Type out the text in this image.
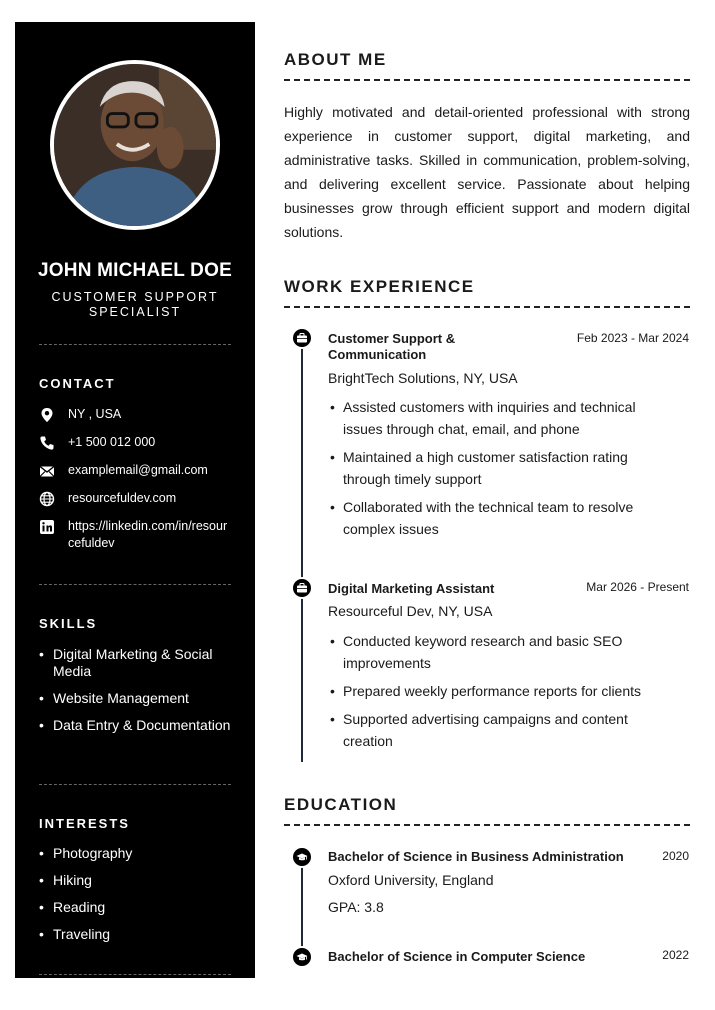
JOHN MICHAEL DOE
CUSTOMER SUPPORT SPECIALIST
CONTACT
NY , USA
+1 500 012 000
examplemail@gmail.com
resourcefuldev.com
https://linkedin.com/in/resourcefuldev
SKILLS
• Digital Marketing & Social Media
• Website Management
• Data Entry & Documentation
INTERESTS
• Photography
• Hiking
• Reading
• Traveling
ABOUT ME

Highly motivated and detail-oriented professional with strong experience in customer support, digital marketing, and administrative tasks. Skilled in communication, problem-solving, and delivering excellent service. Passionate about helping businesses grow through efficient support and modern digital solutions.

WORK EXPERIENCE
Customer Support & Communication
Feb 2023 - Mar 2024
BrightTech Solutions, NY, USA
• Assisted customers with inquiries and technical issues through chat, email, and phone
• Maintained a high customer satisfaction rating through timely support
• Collaborated with the technical team to resolve complex issues
Digital Marketing Assistant	Mar 2026 - Present
Resourceful Dev, NY, USA
• Conducted keyword research and basic SEO improvements
• Prepared weekly performance reports for clients
• Supported advertising campaigns and content creation
EDUCATION
Bachelor of Science in Business Administration	2020
Oxford University, England
GPA: 3.8
Bachelor of Science in Computer Science	2022
